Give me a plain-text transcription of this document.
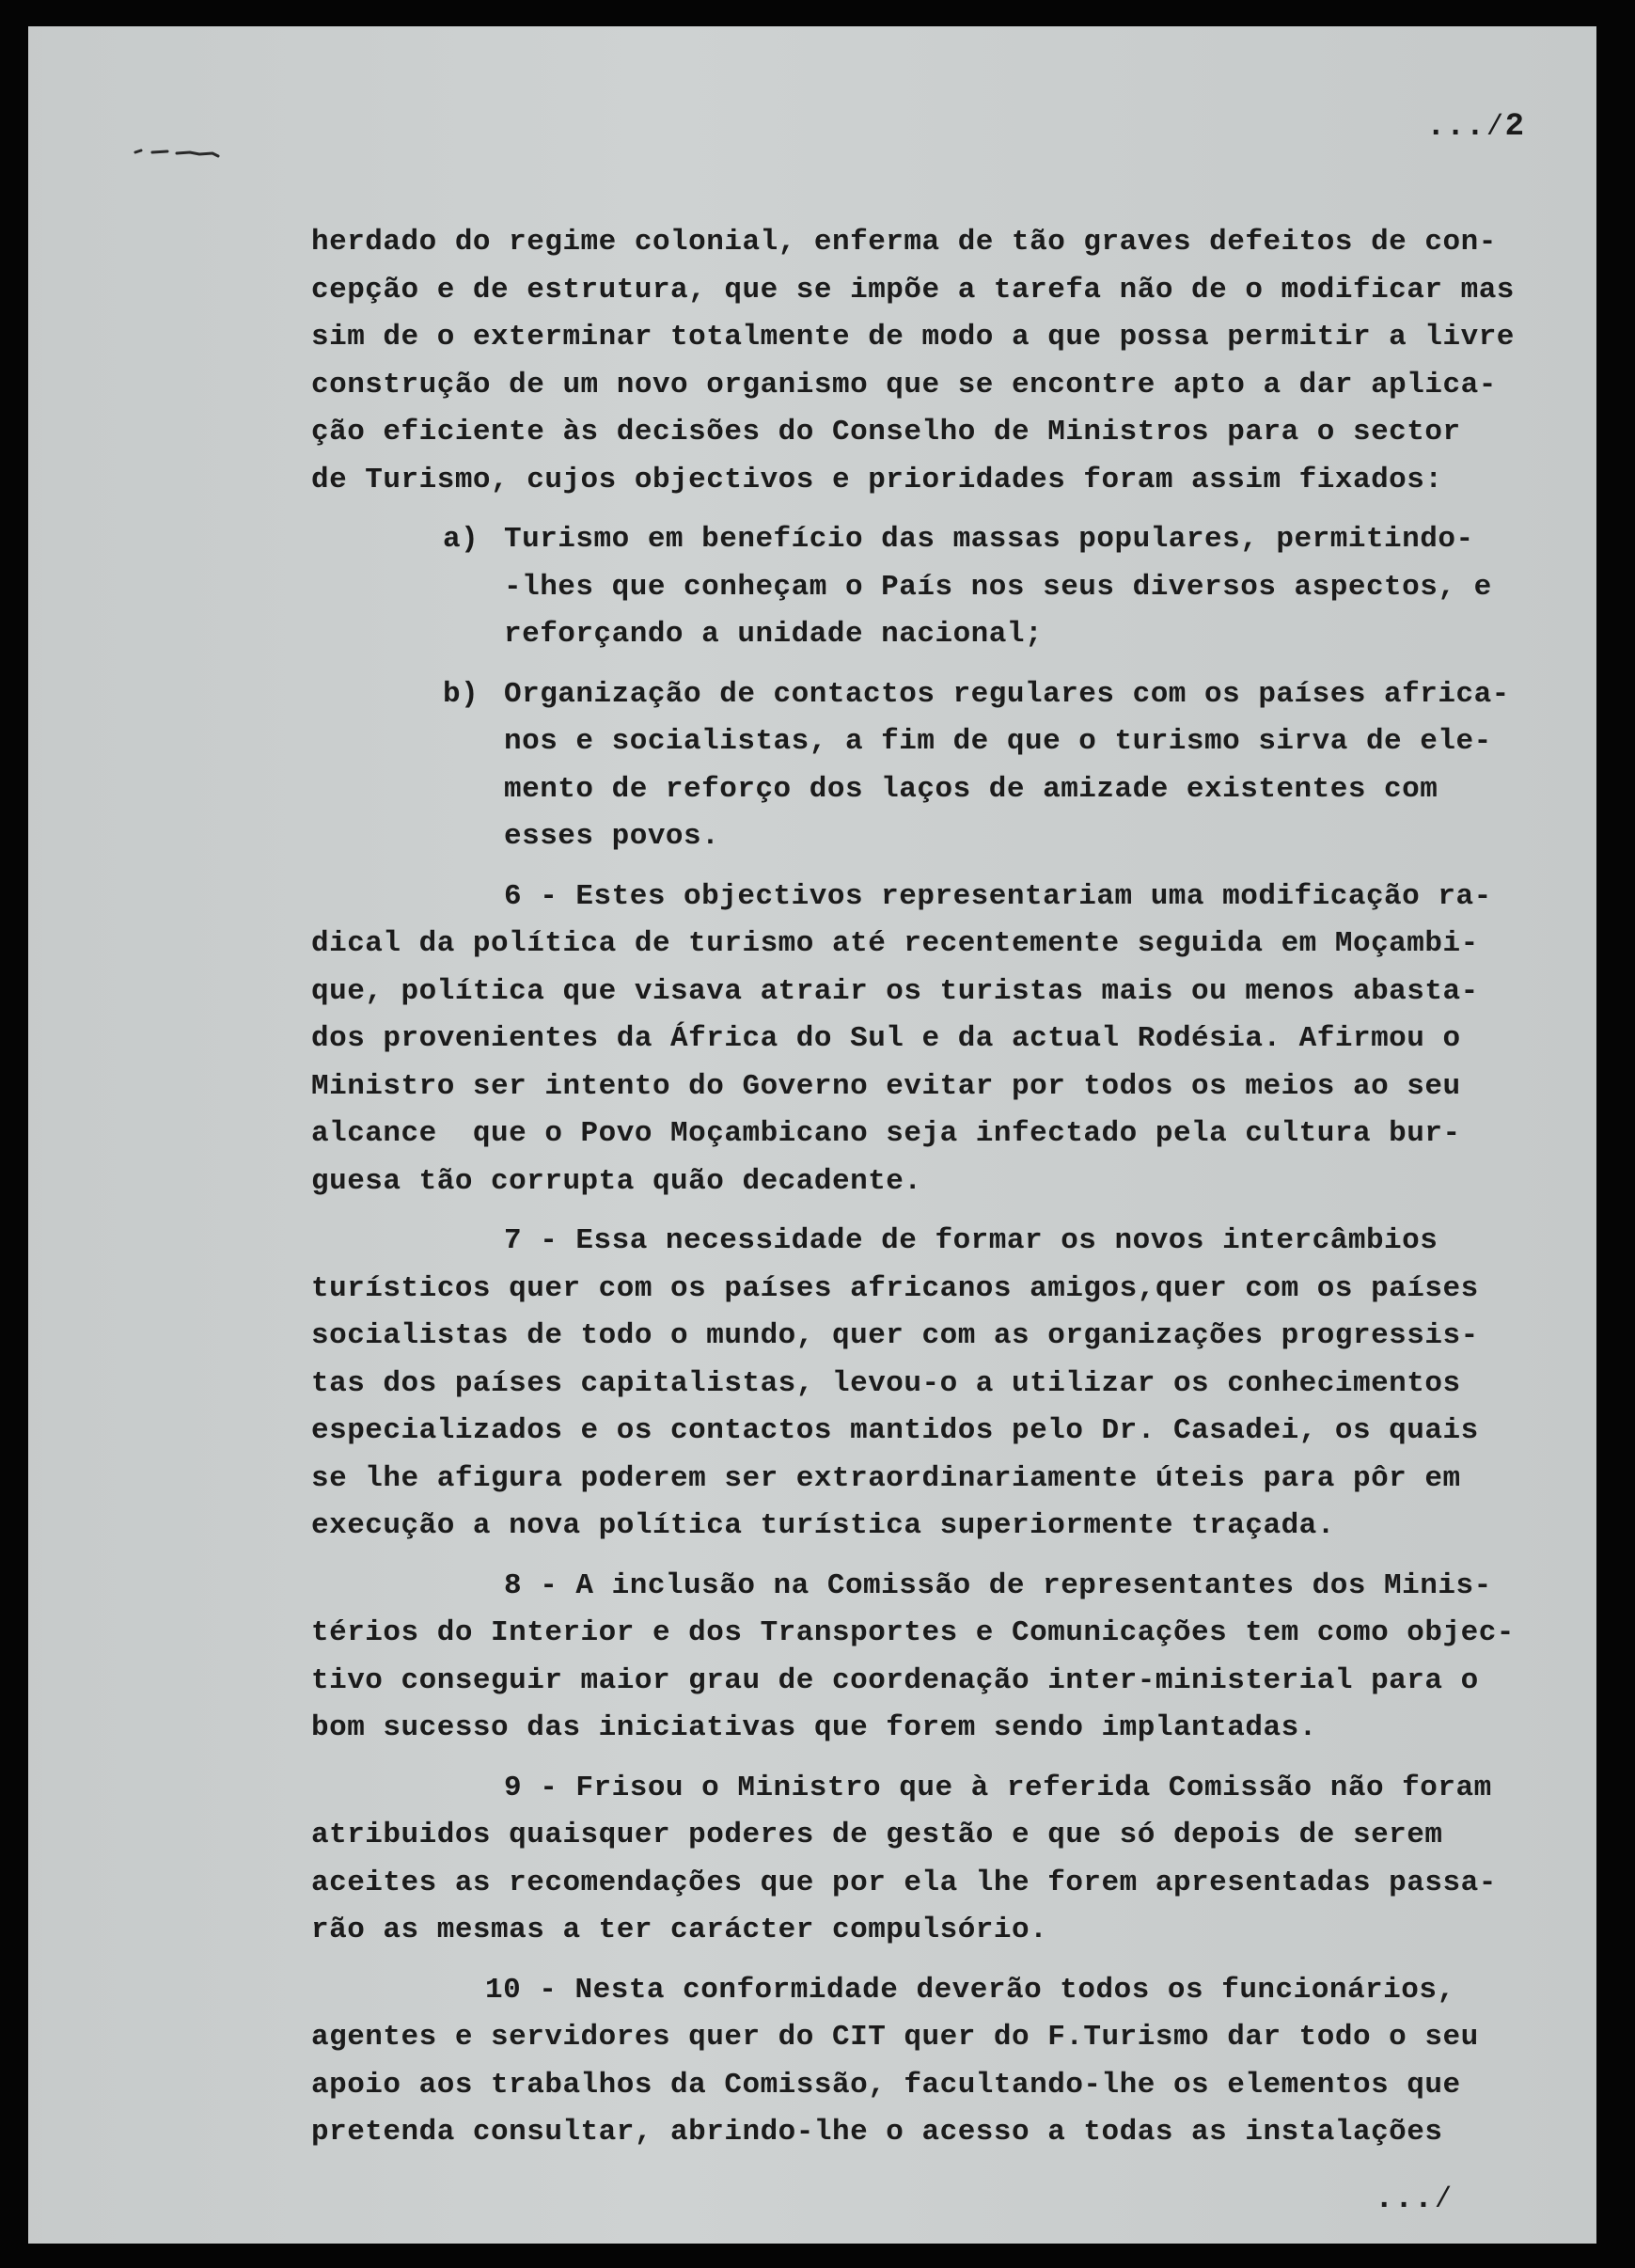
...∕2
herdado do regime colonial, enferma de tão graves defeitos de con-
cepção e de estrutura, que se impõe a tarefa não de o modificar mas
sim de o exterminar totalmente de modo a que possa permitir a livre
construção de um novo organismo que se encontre apto a dar aplica-
ção eficiente às decisões do Conselho de Ministros para o sector
de Turismo, cujos objectivos e prioridades foram assim fixados:
a) Turismo em benefício das massas populares, permitindo-
-lhes que conheçam o País nos seus diversos aspectos, e
reforçando a unidade nacional;
b) Organização de contactos regulares com os países africa-
nos e socialistas, a fim de que o turismo sirva de ele-
mento de reforço dos laços de amizade existentes com
esses povos.
6 - Estes objectivos representariam uma modificação ra-
dical da política de turismo até recentemente seguida em Moçambi-
que, política que visava atrair os turistas mais ou menos abasta-
dos provenientes da África do Sul e da actual Rodésia. Afirmou o
Ministro ser intento do Governo evitar por todos os meios ao seu
alcance  que o Povo Moçambicano seja infectado pela cultura bur-
guesa tão corrupta quão decadente.
7 - Essa necessidade de formar os novos intercâmbios
turísticos quer com os países africanos amigos,quer com os países
socialistas de todo o mundo, quer com as organizações progressis-
tas dos países capitalistas, levou-o a utilizar os conhecimentos
especializados e os contactos mantidos pelo Dr. Casadei, os quais
se lhe afigura poderem ser extraordinariamente úteis para pôr em
execução a nova política turística superiormente traçada.
8 - A inclusão na Comissão de representantes dos Minis-
térios do Interior e dos Transportes e Comunicações tem como objec-
tivo conseguir maior grau de coordenação inter-ministerial para o
bom sucesso das iniciativas que forem sendo implantadas.
9 - Frisou o Ministro que à referida Comissão não foram
atribuidos quaisquer poderes de gestão e que só depois de serem
aceites as recomendações que por ela lhe forem apresentadas passa-
rão as mesmas a ter carácter compulsório.
10 - Nesta conformidade deverão todos os funcionários,
agentes e servidores quer do CIT quer do F.Turismo dar todo o seu
apoio aos trabalhos da Comissão, facultando-lhe os elementos que
pretenda consultar, abrindo-lhe o acesso a todas as instalações
...∕
